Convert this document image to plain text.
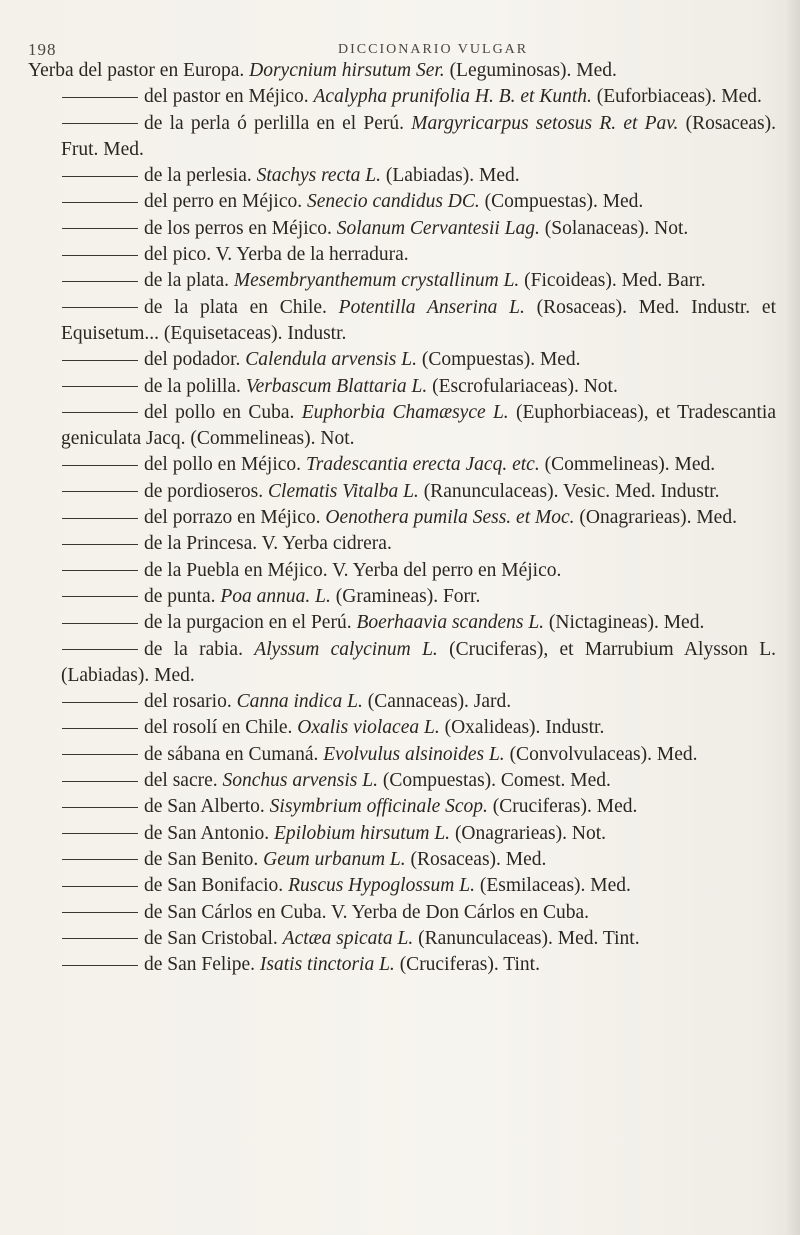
198	DICCIONARIO VULGAR

Yerba del pastor en Europa. Dorycnium hirsutum Ser. (Leguminosas). Med.

del pastor en Méjico. Acalypha prunifolia H. B. et Kunth. (Euforbiaceas). Med.

de la perla ó perlilla en el Perú. Margyricarpus setosus R. et Pav. (Rosaceas). Frut. Med.

de la perlesia. Stachys recta L. (Labiadas). Med.

del perro en Méjico. Senecio candidus DC. (Compuestas). Med.

de los perros en Méjico. Solanum Cervantesii Lag. (Solanaceas). Not.

del pico. V. Yerba de la herradura.

de la plata. Mesembryanthemum crystallinum L. (Ficoideas). Med. Barr.

de la plata en Chile. Potentilla Anserina L. (Rosaceas). Med. Industr. et Equisetum... (Equisetaceas). Industr.

del podador. Calendula arvensis L. (Compuestas). Med.

de la polilla. Verbascum Blattaria L. (Escrofulariaceas). Not.

del pollo en Cuba. Euphorbia Chamæsyce L. (Euphorbiaceas), et Tradescantia geniculata Jacq. (Commelineas). Not.

del pollo en Méjico. Tradescantia erecta Jacq. etc. (Commelineas). Med.

de pordioseros. Clematis Vitalba L. (Ranunculaceas). Vesic. Med. Industr.

del porrazo en Méjico. Oenothera pumila Sess. et Moc. (Onagrarieas). Med.

de la Princesa. V. Yerba cidrera.

de la Puebla en Méjico. V. Yerba del perro en Méjico.

de punta. Poa annua. L. (Gramineas). Forr.

de la purgacion en el Perú. Boerhaavia scandens L. (Nictagineas). Med.

de la rabia. Alyssum calycinum L. (Cruciferas), et Marrubium Alysson L. (Labiadas). Med.

del rosario. Canna indica L. (Cannaceas). Jard.

del rosolí en Chile. Oxalis violacea L. (Oxalideas). Industr.

de sábana en Cumaná. Evolvulus alsinoides L. (Convolvulaceas). Med.

del sacre. Sonchus arvensis L. (Compuestas). Comest. Med.

de San Alberto. Sisymbrium officinale Scop. (Cruciferas). Med.

de San Antonio. Epilobium hirsutum L. (Onagrarieas). Not.

de San Benito. Geum urbanum L. (Rosaceas). Med.

de San Bonifacio. Ruscus Hypoglossum L. (Esmilaceas). Med.

de San Cárlos en Cuba. V. Yerba de Don Cárlos en Cuba.

de San Cristobal. Actæa spicata L. (Ranunculaceas). Med. Tint.

de San Felipe. Isatis tinctoria L. (Cruciferas). Tint.
